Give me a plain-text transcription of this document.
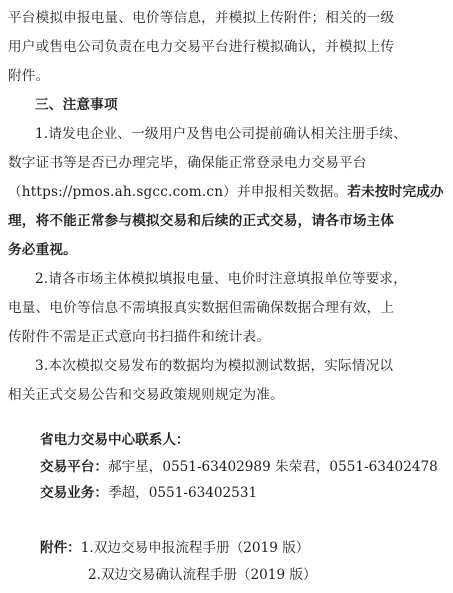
平台模拟申报电量、电价等信息，并模拟上传附件；相关的一级
用户或售电公司负责在电力交易平台进行模拟确认，并模拟上传
附件。
三、注意事项
1.请发电企业、一级用户及售电公司提前确认相关注册手续、
数字证书等是否已办理完毕，确保能正常登录电力交易平台
（https://pmos.ah.sgcc.com.cn）并申报相关数据。若未按时完成办
理，将不能正常参与模拟交易和后续的正式交易，请各市场主体
务必重视。
2.请各市场主体模拟填报电量、电价时注意填报单位等要求，
电量、电价等信息不需填报真实数据但需确保数据合理有效，上
传附件不需是正式意向书扫描件和统计表。
3.本次模拟交易发布的数据均为模拟测试数据，实际情况以
相关正式交易公告和交易政策规则规定为准。
省电力交易中心联系人：
交易平台：郝宇星，0551-63402989 朱荣君，0551-63402478
交易业务：季超，0551-63402531
附件：1.双边交易申报流程手册（2019 版）
2.双边交易确认流程手册（2019 版）
